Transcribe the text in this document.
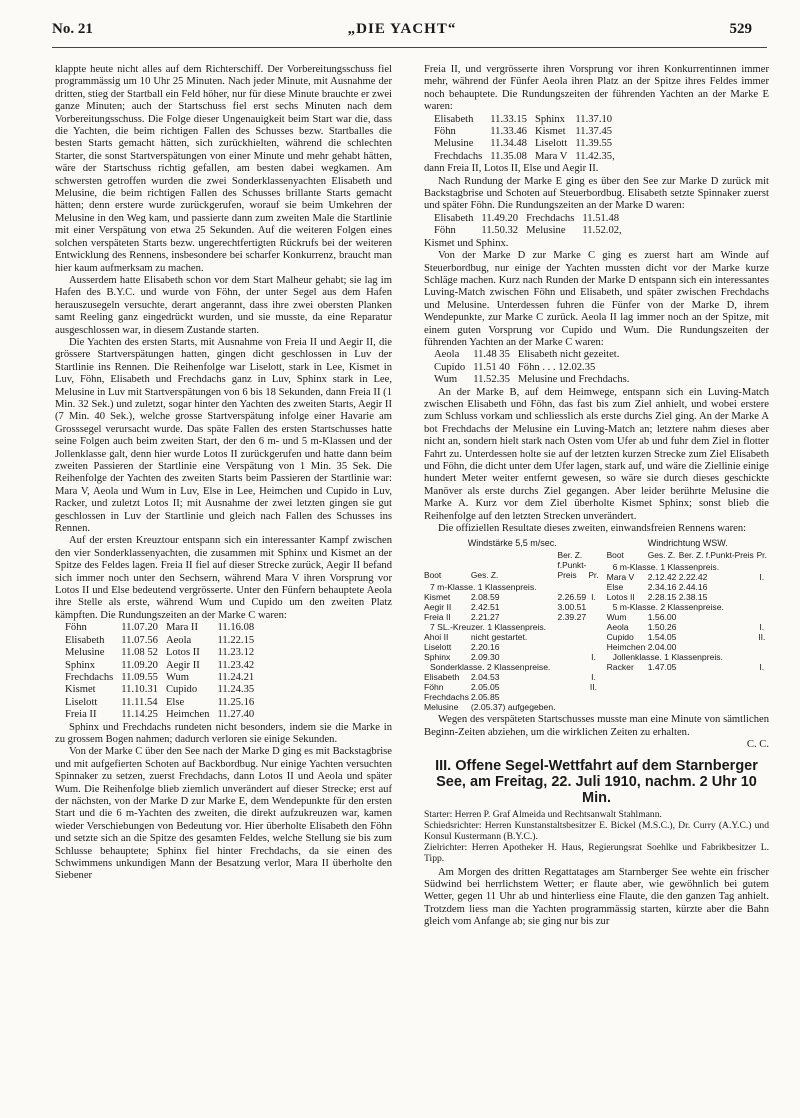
No. 21	„DIE YACHT“	529

klappte heute nicht alles auf dem Richterschiff. Der Vorbereitungsschuss fiel programmässig um 10 Uhr 25 Minuten. Nach jeder Minute, mit Ausnahme der dritten, stieg der Startball ein Feld höher, nur für diese Minute brauchte er zwei ganze Minuten; auch der Startschuss fiel erst sechs Minuten nach dem Vorbereitungsschuss. Die Folge dieser Ungenauigkeit beim Start war die, dass die Yachten, die beim richtigen Fallen des Schusses bezw. Startballes die besten Starts gemacht hätten, sich zurückhielten, während die schlechten Starter, die sonst Startverspätungen von einer Minute und mehr gehabt hätten, wäre der Startschuss richtig gefallen, am besten dabei wegkamen. Am schwersten getroffen wurden die zwei Sonderklassenyachten Elisabeth und Melusine, die beim richtigen Fallen des Schusses brillante Starts gemacht hätten; denn erstere wurde zurückgerufen, worauf sie beim Umkehren der Melusine in den Weg kam, und passierte dann zum zweiten Male die Startlinie mit einer Verspätung von etwa 25 Sekunden. Auf die weiteren Folgen eines solchen verspäteten Starts bezw. ungerechtfertigten Rückrufs bei der weiteren Entwicklung des Rennens, insbesondere bei scharfer Konkurrenz, braucht man hier kaum aufmerksam zu machen.

Ausserdem hatte Elisabeth schon vor dem Start Malheur gehabt; sie lag im Hafen des B.Y.C. und wurde von Föhn, der unter Segel aus dem Hafen herauszusegeln versuchte, derart angerannt, dass ihre zwei obersten Planken samt Reeling ganz eingedrückt wurden, und sie musste, da eine Reparatur ausgeschlossen war, in diesem Zustande starten.

Die Yachten des ersten Starts, mit Ausnahme von Freia II und Aegir II, die grössere Startverspätungen hatten, gingen dicht geschlossen in Luv der Startlinie ins Rennen. Die Reihenfolge war Liselott, stark in Lee, Kismet in Luv, Föhn, Elisabeth und Frechdachs ganz in Luv, Sphinx stark in Lee, Melusine in Luv mit Startverspätungen von 6 bis 18 Sekunden, dann Freia II (1 Min. 32 Sek.) und zuletzt, sogar hinter den Yachten des zweiten Starts, Aegir II (7 Min. 40 Sek.), welche grosse Startverspätung infolge einer Havarie am Grosssegel verursacht wurde. Das späte Fallen des ersten Startschusses hatte seine Folgen auch beim zweiten Start, der den 6 m- und 5 m-Klassen und der Jollenklasse galt, denn hier wurde Lotos II zurückgerufen und hatte dann beim zweiten Passieren der Startlinie eine Verspätung von 1 Min. 35 Sek. Die Reihenfolge der Yachten des zweiten Starts beim Passieren der Startlinie war: Mara V, Aeola und Wum in Luv, Else in Lee, Heimchen und Cupido in Luv, Racker, und zuletzt Lotos II; mit Ausnahme der zwei letzten gingen sie gut geschlossen in Luv der Startlinie und gleich nach Fallen des Schusses ins Rennen.

Auf der ersten Kreuztour entspann sich ein interessanter Kampf zwischen den vier Sonderklassenyachten, die zusammen mit Sphinx und Kismet an der Spitze des Feldes lagen. Freia II fiel auf dieser Strecke zurück, Aegir II befand sich immer noch unter den Sechsern, während Mara V ihren Vorsprung vor Lotos II und Else bedeutend vergrösserte. Unter den Fünfern behauptete Aeola ihre Stelle als erste, während Wum und Cupido um den zweiten Platz kämpften. Die Rundungszeiten an der Marke C waren:

Föhn	11.07.20	Mara II	11.16.08
Elisabeth	11.07.56	Aeola	11.22.15
Melusine	11.08 52	Lotos II	11.23.12
Sphinx	11.09.20	Aegir II	11.23.42
Frechdachs	11.09.55	Wum	11.24.21
Kismet	11.10.31	Cupido	11.24.35
Liselott	11.11.54	Else	11.25.16
Freia II	11.14.25	Heimchen	11.27.40

Sphinx und Frechdachs rundeten nicht besonders, indem sie die Marke in zu grossem Bogen nahmen; dadurch verloren sie einige Sekunden.

Von der Marke C über den See nach der Marke D ging es mit Backstagbrise und mit aufgefierten Schoten auf Backbordbug. Nur einige Yachten versuchten Spinnaker zu setzen, zuerst Frechdachs, dann Lotos II und Aeola und später Wum. Die Reihenfolge blieb ziemlich unverändert auf dieser Strecke; erst auf der nächsten, von der Marke D zur Marke E, dem Wendepunkte für den ersten Start und die 6 m-Yachten des zweiten, die direkt aufzukreuzen war, kamen wieder Verschiebungen von Bedeutung vor. Hier überholte Elisabeth den Föhn und setzte sich an die Spitze des gesamten Feldes, welche Stellung sie bis zum Schlusse behauptete; Sphinx fiel hinter Frechdachs, da sie einen des Schwimmens unkundigen Mann der Besatzung verlor, Mara II überholte den Siebener

Freia II, und vergrösserte ihren Vorsprung vor ihren Konkurrentinnen immer mehr, während der Fünfer Aeola ihren Platz an der Spitze ihres Feldes immer noch behauptete. Die Rundungszeiten der führenden Yachten an der Marke E waren:

Elisabeth	11.33.15	Sphinx	11.37.10
Föhn	11.33.46	Kismet	11.37.45
Melusine	11.34.48	Liselott	11.39.55
Frechdachs	11.35.08	Mara V	11.42.35,

dann Freia II, Lotos II, Else und Aegir II.

Nach Rundung der Marke E ging es über den See zur Marke D zurück mit Backstagbrise und Schoten auf Steuerbordbug. Elisabeth setzte Spinnaker zuerst und später Föhn. Die Rundungszeiten an der Marke D waren:

Elisabeth	11.49.20	Frechdachs	11.51.48
Föhn	11.50.32	Melusine	11.52.02,

Kismet und Sphinx.

Von der Marke D zur Marke C ging es zuerst hart am Winde auf Steuerbordbug, nur einige der Yachten mussten dicht vor der Marke kurze Schläge machen. Kurz nach Runden der Marke D entspann sich ein interessantes Luving-Match zwischen Föhn und Elisabeth, und später zwischen Frechdachs und Melusine. Unterdessen fuhren die Fünfer von der Marke D, ihrem Wendepunkte, zur Marke C zurück. Aeola II lag immer noch an der Spitze, mit einem guten Vorsprung vor Cupido und Wum. Die Rundungszeiten der führenden Yachten an der Marke C waren:

Aeola	11.48 35	Elisabeth nicht gezeitet.
Cupido	11.51 40	Föhn . . . 12.02.35
Wum	11.52.35	Melusine und Frechdachs.

An der Marke B, auf dem Heimwege, entspann sich ein Luving-Match zwischen Elisabeth und Föhn, das fast bis zum Ziel anhielt, und wobei erstere zum Schluss vorkam und schliesslich als erste durchs Ziel ging. An der Marke A bot Frechdachs der Melusine ein Luving-Match an; letztere nahm dieses aber nicht an, sondern hielt stark nach Osten vom Ufer ab und fuhr dem Ziel in flotter Fahrt zu. Unterdessen holte sie auf der letzten kurzen Strecke zum Ziel Elisabeth und Föhn, die dicht unter dem Ufer lagen, stark auf, und wäre die Ziellinie einige hundert Meter weiter entfernt gewesen, so wäre sie durch dieses geschickte Manöver als erste durchs Ziel gegangen. Aber leider berührte Melusine die Marke A. Kurz vor dem Ziel überholte Kismet Sphinx; sonst blieb die Reihenfolge auf den letzten Strecken unverändert.

Die offiziellen Resultate dieses zweiten, einwandsfreien Rennens waren:

Windstärke 5,5 m/sec.
Boot	Ges. Z.	Ber. Z. f.Punkt-Preis	Pr.
7 m-Klasse. 1 Klassenpreis.			
Kismet	2.08.59	2.26.59	I.
Aegir II	2.42.51	3.00.51	
Freia II	2.21.27	2.39.27	
7 SL.-Kreuzer. 1 Klassenpreis.			
Ahoi II	nicht gestartet.		
Liselott	2.20.16		
Sphinx	2.09.30		I.
Sonderklasse. 2 Klassenpreise.			
Elisabeth	2.04.53		I.
Föhn	2.05.05		II.
Frechdachs	2.05.85		
Melusine	(2.05.37) aufgegeben.		
Windrichtung WSW.
Boot	Ges. Z.	Ber. Z. f.Punkt-Preis	Pr.
6 m-Klasse. 1 Klassenpreis.			
Mara V	2.12.42	2.22.42	I.
Else	2.34.16	2.44.16	
Lotos II	2.28.15	2.38.15	
5 m-Klasse. 2 Klassenpreise.			
Wum	1.56.00		
Aeola	1.50.26		I.
Cupido	1.54.05		II.
Heimchen	2.04.00		
Jollenklasse. 1 Klassenpreis.			
Racker	1.47.05		I.

Wegen des verspäteten Startschusses musste man eine Minute von sämtlichen Beginn-Zeiten abziehen, um die wirklichen Zeiten zu erhalten.

C. C.
III. Offene Segel-Wettfahrt auf dem Starnberger See, am Freitag, 22. Juli 1910, nachm. 2 Uhr 10 Min.
Starter: Herren P. Graf Almeida und Rechtsanwalt Stahlmann.
Schiedsrichter: Herren Kunstanstaltsbesitzer E. Bickel (M.S.C.), Dr. Curry (A.Y.C.) und Konsul Kustermann (B.Y.C.).
Zielrichter: Herren Apotheker H. Haus, Regierungsrat Soehlke und Fabrikbesitzer L. Tipp.

Am Morgen des dritten Regattatages am Starnberger See wehte ein frischer Südwind bei herrlichstem Wetter; er flaute aber, wie gewöhnlich bei gutem Wetter, gegen 11 Uhr ab und hinterliess eine Flaute, die den ganzen Tag anhielt. Trotzdem liess man die Yachten programmässig starten, kürzte aber die Bahn gleich vom Anfange ab; sie ging nur bis zur
